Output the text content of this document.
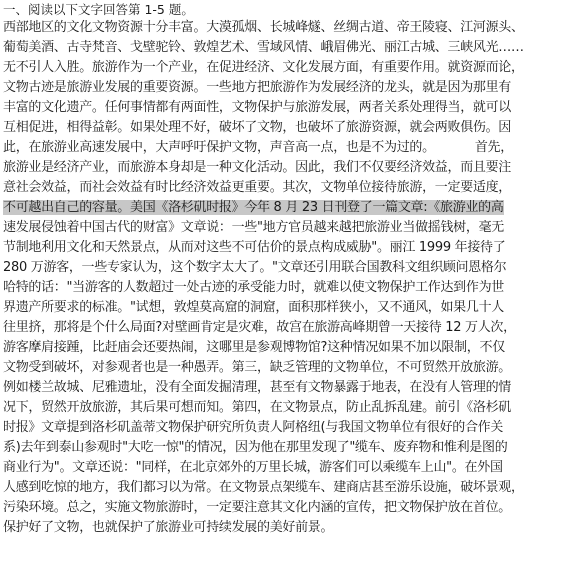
一、阅读以下文字回答第 1-5 题。
西部地区的文化文物资源十分丰富。大漠孤烟、长城峰燧、丝绸古道、帝王陵寝、江河源头、
葡萄美酒、古寺梵音、戈壁驼铃、敦煌艺术、雪域风情、峨眉佛光、丽江古城、三峡风光……
无不引人入胜。旅游作为一个产业，在促进经济、文化发展方面，有重要作用。就资源而论，
文物古迹是旅游业发展的重要资源。一些地方把旅游作为发展经济的龙头，就是因为那里有
丰富的文化遗产。任何事情都有两面性，文物保护与旅游发展，两者关系处理得当，就可以
互相促进，相得益彰。如果处理不好，破坏了文物，也破坏了旅游资源，就会两败俱伤。因
此，在旅游业高速发展中，大声呼吁保护文物，声音高一点，也是不为过的。	首先，
旅游业是经济产业，而旅游本身却是一种文化活动。因此，我们不仅要经济效益，而且要注
意社会效益，而社会效益有时比经济效益更重要。其次，文物单位接待旅游，一定要适度，
不可越出自己的容量。美国《洛杉矶时报》今年 8 月 23 日刊登了一篇文章:《旅游业的高
速发展侵蚀着中国古代的财富》文章说：一些"地方官员越来越把旅游业当做摇钱树，毫无
节制地利用文化和天然景点，从而对这些不可估价的景点构成威胁"。丽江 1999 年接待了
280 万游客，一些专家认为，这个数字太大了。"文章还引用联合国教科文组织顾问恩格尔
哈特的话："当游客的人数超过一处古迹的承受能力时，就难以使文物保护工作达到作为世
界遗产所要求的标准。"试想，敦煌莫高窟的洞窟，面积那样狭小，又不通风，如果几十人
往里挤，那将是个什么局面?对壁画肯定是灾难，故宫在旅游高峰期曾一天接待 12 万人次，
游客摩肩接踵，比赶庙会还要热闹，这哪里是参观博物馆?这种情况如果不加以限制，不仅
文物受到破坏，对参观者也是一种愚弄。第三，缺乏管理的文物单位，不可贸然开放旅游。
例如楼兰故城、尼雅遗址，没有全面发掘清理，甚至有文物暴露于地表，在没有人管理的情
况下，贸然开放旅游，其后果可想而知。第四，在文物景点，防止乱拆乱建。前引《洛杉矶
时报》文章提到洛杉矶盖蒂文物保护研究所负责人阿格纽(与我国文物单位有很好的合作关
系)去年到泰山参观时"大吃一惊"的情况，因为他在那里发现了"缆车、废弃物和惟利是图的
商业行为"。文章还说："同样，在北京郊外的万里长城，游客们可以乘缆车上山"。在外国
人感到吃惊的地方，我们都习以为常。在文物景点架缆车、建商店甚至游乐设施，破坏景观，
污染环境。总之，实施文物旅游时，一定要注意其文化内涵的宣传，把文物保护放在首位。
保护好了文物，也就保护了旅游业可持续发展的美好前景。
